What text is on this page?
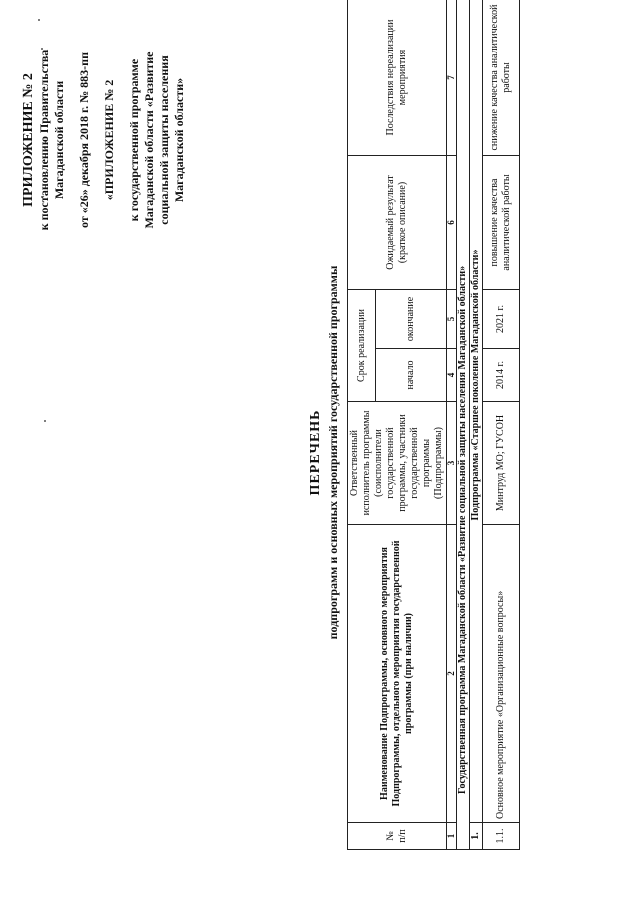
ПРИЛОЖЕНИЕ № 2 к постановлению Правительства Магаданской области от «26» декабря 2018 г. № 883-пп «ПРИЛОЖЕНИЕ № 2 к государственной программе Магаданской области «Развитие социальной защиты населения Магаданской области»
ПЕРЕЧЕНЬ подпрограмм и основных мероприятий государственной программы
№ п/п	Наименование Подпрограммы, основного мероприятия Подпрограммы, отдельного мероприятия государственной программы (при наличии)	Ответственный исполнитель программы (соисполнители государственной программы, участники государственной программы (Подпрограммы)	Срок реализации		Ожидаемый результат (краткое описание)	Последствия нереализации мероприятия
			начало	окончание		
1	2	3	4	5	6	7
Государственная программа Магаданской области «Развитие социальной защиты населения Магаданской области»						
1.	Подпрограмма «Старшее поколение Магаданской области»					
1.1.	Основное мероприятие «Организационные вопросы»	Минтруд МО; ГУСОН	2014 г.	2021 г.	повышение качества аналитической работы	снижение качества аналитической работы
